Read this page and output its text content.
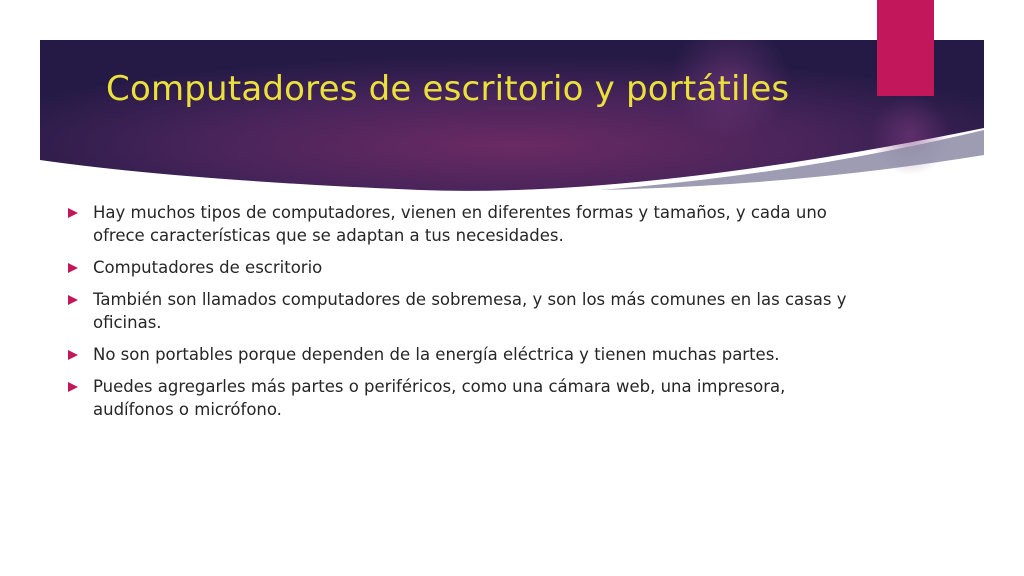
Computadores de escritorio y portátiles
Hay muchos tipos de computadores, vienen en diferentes formas y tamaños, y cada uno ofrece características que se adaptan a tus necesidades.
Computadores de escritorio
También son llamados computadores de sobremesa, y son los más comunes en las casas y oficinas.
No son portables porque dependen de la energía eléctrica y tienen muchas partes.
Puedes agregarles más partes o periféricos, como una cámara web, una impresora, audífonos o micrófono.
